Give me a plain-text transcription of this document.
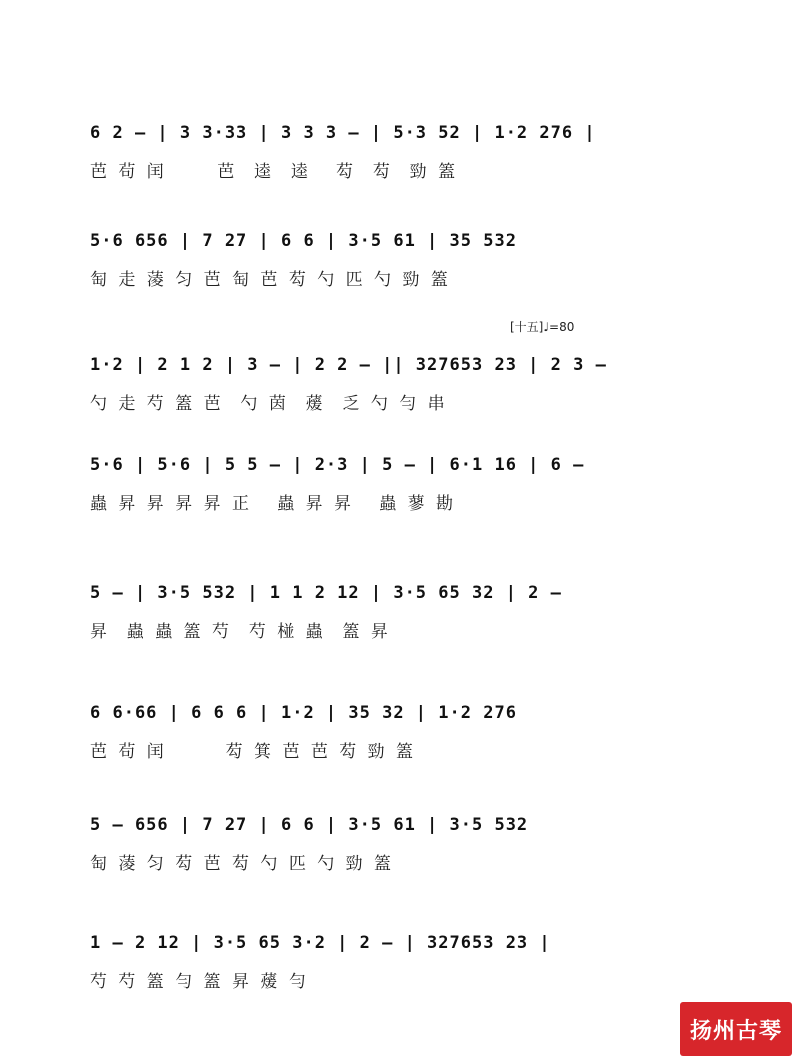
6 2 — | 3 3·33 | 3 3 3 — | 5·3 52 | 1·2 276 |
芭 茍 闰      芭  逵  逵   芶  芶  勁 篕
5·6 656 | 7 27 | 6 6 | 3·5 61 | 35 532
匋 走 蓤 匀 芭 匋 芭 芶 勺 匹 勺 勁 篕
[十五]♩=80
1·2 | 2 1 2 | 3 — | 2 2 — || 327653 23 | 2 3 —
勺 走 芍 篕 芭  勺 茵  蕿  乏 勺 勻 串
5·6 | 5·6 | 5 5 — | 2·3 | 5 — | 6·1 16 | 6 —
蟲 昇 昇 昇 昇 正   蟲 昇 昇   蟲 蓼 勘
5 — | 3·5 532 | 1 1 2 12 | 3·5 65 32 | 2 —
昇  蟲 蟲 篕 芍  芍 椪 蟲  篕 昇
6 6·66 | 6 6 6 | 1·2 | 35 32 | 1·2 276
芭 茍 闰       芶 箕 芭 芭 芶 勁 篕
5 — 656 | 7 27 | 6 6 | 3·5 61 | 3·5 532
匋 蓤 匀 芶 芭 芶 勺 匹 勺 勁 篕
1 — 2 12 | 3·5 65 3·2 | 2 — | 327653 23 |
芍 芍 篕 勻 篕 昇 蕿 勻
扬州古琴
